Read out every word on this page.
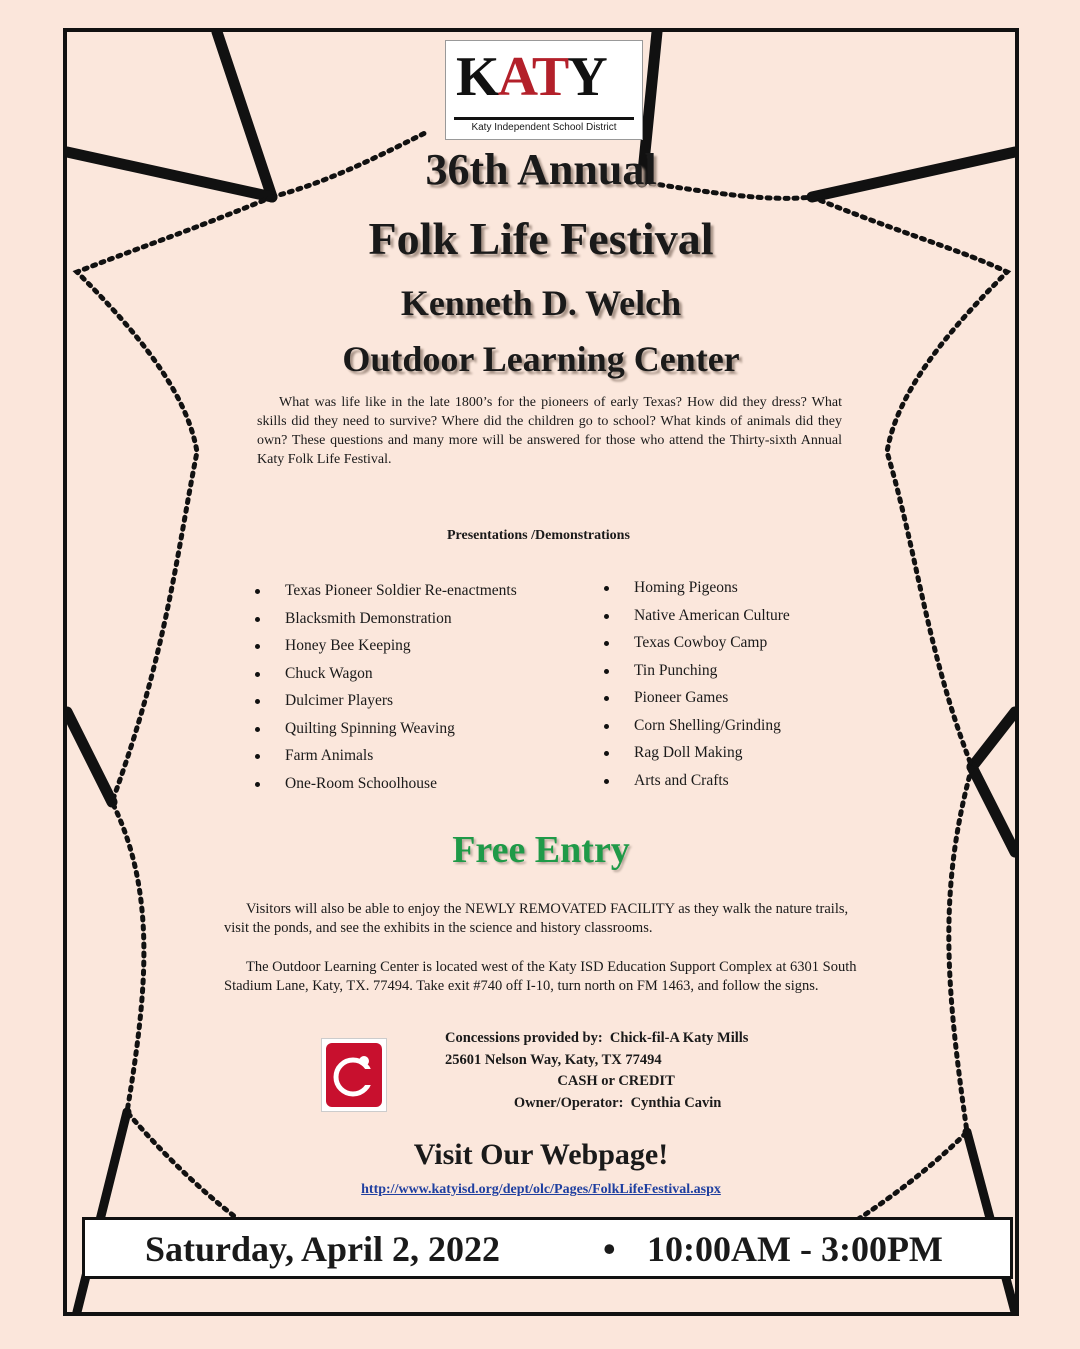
KATY
Katy Independent School District
36th Annual
Folk Life Festival
Kenneth D. Welch
Outdoor Learning Center
What was life like in the late 1800’s for the pioneers of early Texas? How did they dress? What skills did they need to survive? Where did the children go to school? What kinds of animals did they own? These questions and many more will be answered for those who attend the Thirty-sixth Annual Katy Folk Life Festival.
Presentations /Demonstrations
Texas Pioneer Soldier Re-enactments
Blacksmith Demonstration
Honey Bee Keeping
Chuck Wagon
Dulcimer Players
Quilting Spinning Weaving
Farm Animals
One-Room Schoolhouse
Homing Pigeons
Native American Culture
Texas Cowboy Camp
Tin Punching
Pioneer Games
Corn Shelling/Grinding
Rag Doll Making
Arts and Crafts
Free Entry
Visitors will also be able to enjoy the NEWLY REMOVATED FACILITY as they walk the nature trails, visit the ponds, and see the exhibits in the science and history classrooms.
The Outdoor Learning Center is located west of the Katy ISD Education Support Complex at 6301 South Stadium Lane, Katy, TX. 77494. Take exit #740 off I-10, turn north on FM 1463, and follow the signs.
Concessions provided by:  Chick-fil-A Katy Mills
25601 Nelson Way, Katy, TX 77494
CASH or CREDIT
Owner/Operator:  Cynthia Cavin
Visit Our Webpage!
http://www.katyisd.org/dept/olc/Pages/FolkLifeFestival.aspx
Saturday, April 2, 2022	• 10:00AM - 3:00PM
